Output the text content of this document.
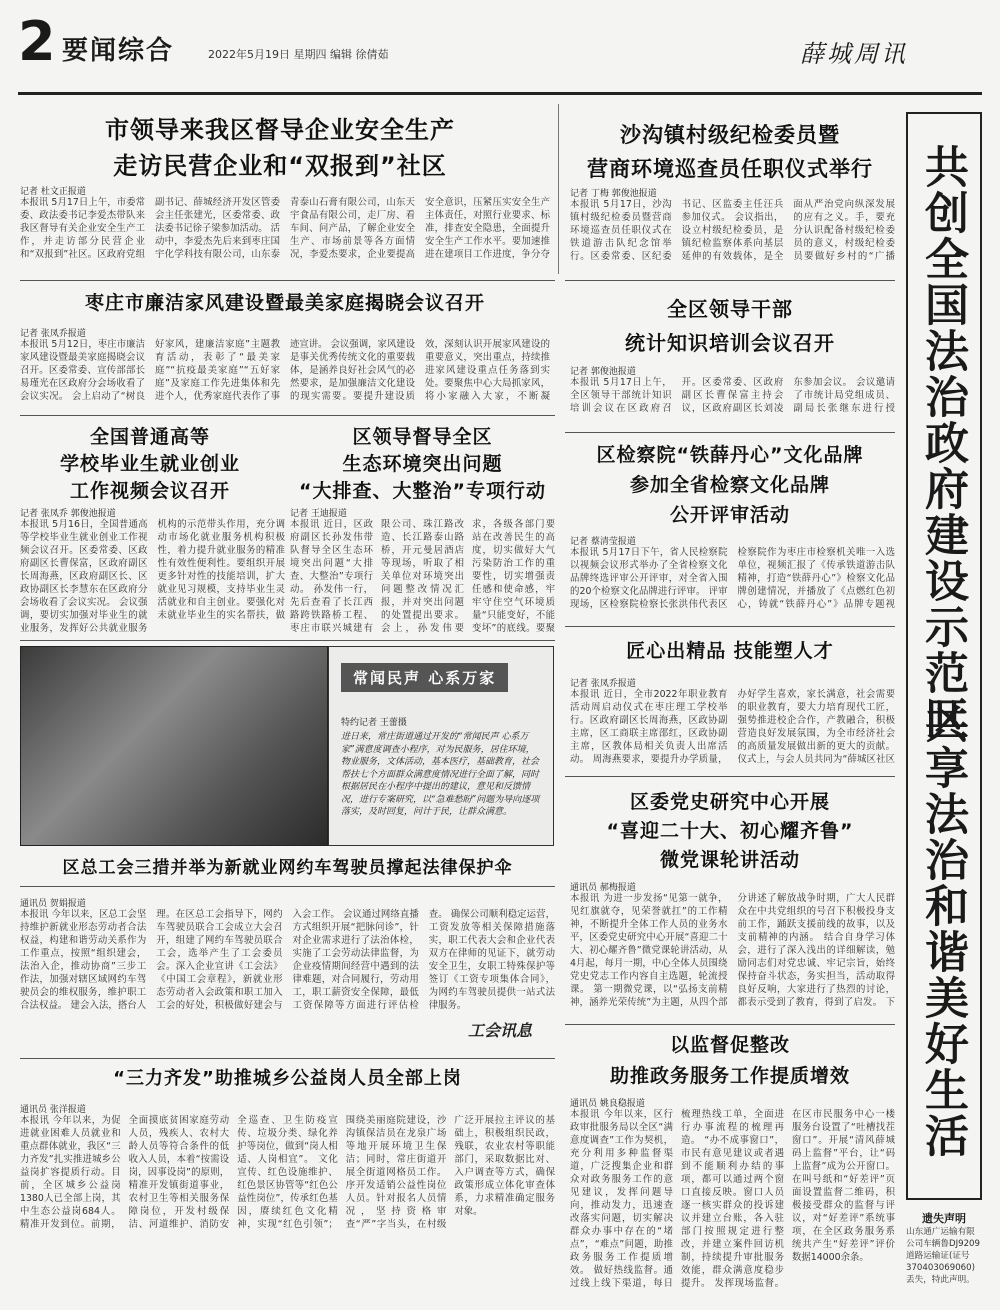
2 要闻综合	2022年5月19日 星期四 编辑 徐倩茹	薛城周讯
市领导来我区督导企业安全生产
走访民营企业和“双报到”社区
记者 杜文正报道
本报讯 5月17日上午，市委常委、政法委书记李爱杰带队来我区督导有关企业安全生产工作，并走访部分民营企业和“双报到”社区。区政府党组副书记、薛城经济开发区管委会主任张建光，区委常委、政法委书记徐子梁参加活动。 活动中，李爱杰先后来到枣庄国宇化学科技有限公司，山东泰青泰山石膏有限公司，山东天宇食品有限公司，走厂房、看车间、问产品，了解企业安全生产、市场前景等各方面情况，李爱杰要求，企业要提高安全意识，压紧压实安全生产主体责任，对照行业要求、标准，排查安全隐患，全面提升安全生产工作水平。要加速推进在建项目工作进度，争分夺
沙沟镇村级纪检委员暨
营商环境巡查员任职仪式举行
记者 丁梅 郭俊池报道
本报讯 5月17日，沙沟镇村级纪检委员暨营商环境巡查员任职仪式在铁道游击队纪念馆举行。区委常委、区纪委书记、区监委主任汪兵参加仪式。 会议指出，设立村级纪检委员，是镇纪检监察体系向基层延伸的有效载体，是全面从严治党向纵深发展的应有之义。手，要充分认识配备村级纪检委员的意义，村级纪检委员要做好乡村的“广播
枣庄市廉洁家风建设暨最美家庭揭晓会议召开
记者 张凤乔报道
本报讯 5月12日，枣庄市廉洁家风建设暨最美家庭揭晓会议召开。区委常委、宣传部部长易瑾光在区政府分会场收看了会议实况。 会上启动了“树良好家风，建廉洁家庭”主题教育活动，表彰了“最美家庭”“抗疫最美家庭”“五好家庭”及家庭工作先进集体和先进个人，优秀家庭代表作了事迹宣讲。 会议强调，家风建设是事关优秀传统文化的重要载体，是涵养良好社会风气的必然要求，是加强廉洁文化建设的现实需要。要提升建设质效，深刻认识开展家风建设的重要意义，突出重点，持续推进家风建设重点任务落到实处。要聚焦中心大局抓家风，将小家融入大家，不断凝
全区领导干部
统计知识培训会议召开
记者 郭俊池报道
本报讯 5月17日上午，全区领导干部统计知识培训会议在区政府召开。区委常委、区政府副区长曹保富主持会议，区政府副区长刘凌东参加会议。 会议邀请了市统计局党组成员、副局长张继东进行授
全国普通高等
学校毕业生就业创业
工作视频会议召开
记者 张凤乔 郭俊池报道
本报讯 5月16日，全国普通高等学校毕业生就业创业工作视频会议召开。区委常委、区政府副区长曹保富，区政府副区长周海燕，区政府副区长、区政协副区长李慧东在区政府分会场收看了会议实况。 会议强调，要切实加强对毕业生的就业服务，发挥好公共就业服务机构的示范带头作用，充分调动市场化就业服务机构积极性，着力提升就业服务的精准性有效性便利性。要组织开展更多针对性的技能培训，扩大就业见习规模，支持毕业生灵活就业和自主创业。要强化对未就业毕业生的实名帮扶，做
区领导督导全区
生态环境突出问题
“大排查、大整治”专项行动
记者 王迪报道
本报讯 近日，区政府副区长孙发伟带队督导全区生态环境突出问题“大排查、大整治”专项行动。 孙发伟一行，先后查看了长江西路跨铁路桥工程、枣庄市联兴城建有限公司、珠江路改造、长江路泰山路桥，开元曼居酒店等现场，听取了相关单位对环境突出问题整改情况汇报，并对突出问题的处置提出要求。 会上，孙发伟要求，各级各部门要站在改善民生的高度，切实做好大气污染防治工作的重要性，切实增强责任感和使命感，牢牢守住空气环境质量“只能变好，不能变坏”的底线。要聚
区检察院“铁薛丹心”文化品牌
参加全省检察文化品牌
公开评审活动
记者 蔡清莹报道
本报讯 5月17日下午，省人民检察院以视频会议形式举办了全省检察文化品牌终选评审公开评审，对全省入围的20个检察文化品牌进行评审。 评审现场，区检察院检察长张洪伟代表区检察院作为枣庄市检察机关唯一入选单位，视频汇报了《传承铁道游击队精神，打造“铁薛丹心”》检察文化品牌创建情况，并播放了《点燃红色初心，铸就“铁薛丹心”》品牌专题视
常闻民声 心系万家
特约记者 王蕾摄
进日来，常庄街道通过开发的“常闻民声 心系万家”满意度调查小程序，对为民服务，居住环境，物业服务，文体活动，基本医疗，基础教育，社会帮扶七个方面群众满意度情况进行全面了解，同时根据居民在小程序中提出的建议，意见和反馈情况，进行专案研究，以“急难愁盼”问题为导向逐项落实，及时回复，问计于民，让群众满意。
匠心出精品 技能塑人才
记者 张凤乔报道
本报讯 近日，全市2022年职业教育活动周启动仪式在枣庄理工学校举行。区政府副区长周海燕，区政协副主席，区工商联主席邵红，区政协副主席，区教体局相关负责人出席活动。 周海燕要求，要提升办学质量，办好学生喜欢，家长满意，社会需要的职业教育，要大力培育现代工匠，强势推进校企合作，产教融合，积极营造良好发展氛围，为全市经济社会的高质量发展做出新的更大的贡献。 仪式上，与会人员共同为“薛城区社区
区委党史研究中心开展
“喜迎二十大、初心耀齐鲁”
微党课轮讲活动
通讯员 郝梅报道
本报讯 为进一步发扬“见第一就争，见红旗就夺，见荣誉就扛”的工作精神，不断提升全体工作人员的业务水平，区委党史研究中心开展“喜迎二十大、初心耀齐鲁”微党课轮讲活动，从4月起，每月一期，中心全体人员围绕党史党志工作内容自主选题，轮流授课。 第一期微党课，以“弘扬支前精神，涵养光荣传统”为主题，从四个部分讲述了解放战争时期，广大人民群众在中共党组织的号召下积极投身支前工作，踊跃支援前线的故事，以及支前精神的内涵。 结合自身学习体会，进行了深入浅出的详细解读，勉励同志们对党忠诚、牢记宗旨，始终保持奋斗状态，务实担当，活动取得良好反响，大家进行了热烈的讨论，都表示受到了教育，得到了启发。 下
区总工会三措并举为新就业网约车驾驶员撑起法律保护伞
通讯员 贺娟报道
本报讯 今年以来，区总工会坚持维护新就业形态劳动者合法权益，构建和谐劳动关系作为工作重点，按照“组织建会，法治入企，推动协商”三步工作法，加强对辖区域网约车驾驶员会的维权服务，维护职工合法权益。 建会入法，搭台人理。在区总工会指导下，网约车驾驶员联合工会成立大会召开，组建了网约车驾驶员联合工会，选举产生了工会委员会。深入企业宣讲《工会法》《中国工会章程》，新就业形态劳动者入会政策和职工加入工会的好处，积极做好建会与入会工作。 会议通过网络直播方式组织开展“把脉问诊”，针对企业需求进行了法治体检，实施了工会劳动法律监督，为企业疫情期间经营中遇到的法律难题，对合同履行，劳动用工，职工薪资安全保障，最低工资保障等方面进行评估检查。 确保公司顺利稳定运营，工资发放等相关保障措施落实，职工代表大会和企业代表双方在律师的见证下，就劳动安全卫生，女职工特殊保护等签订《工资专项集体合同》，为网约车驾驶员提供一站式法律服务。
工会讯息
以监督促整改
助推政务服务工作提质增效
通讯员 姚良稳报道
本报讯 今年以来，区行政审批服务局以全区“满意度调查”工作为契机，充分利用多种监督渠道，广泛搜集企业和群众对政务服务工作的意见建议，发挥问题导向，推动发力，迅速查改落实问题，切实解决群众办事中存在的“堵点”，“难点”问题，助推政务服务工作提质增效。 做好热线监督。通过线上线下渠道，每日梳理热线工单，全面进行办事流程的梳理再造。 “办不成事窗口”，市民有意见建议或者遇到不能顺利办结的事项，都可以通过两个窗口直接反映。窗口人员逐一核实群众的投诉建议并建立台账，各入驻部门按照规定进行整改，并建立案件回访机制，持续提升审批服务效能，群众满意度稳步提升。 发挥现场监督。在区市民服务中心一楼服务台设置了“吐槽找茬窗口”。开展“清风薛城码上监督”平台，让“码上监督”成为公开窗口。在叫号纸和“好差评”页面设置监督二维码，积极接受群众的监督与评议，对“好差评”系统事项，在全区政务服务系统共产生“好差评”评价数据14000余条。
“三力齐发”助推城乡公益岗人员全部上岗
通讯员 张洋报道
本报讯 今年以来，为促进就业困难人员就业和重点群体就业，我区“三力齐发”扎实推进城乡公益岗扩容提质行动。目前，全区城乡公益岗1380人已全部上岗，其中生态公益岗684人。 精准开发到位。前期，全面摸底贫困家庭劳动人员，残疾人、农村大龄人员等符合条件的低收入人员，本着“按需设岗，因事设岗”的原则，精准开发镇街道事业，农村卫生等相关服务保障岗位，开发村级保洁、河道维护、消防安全巡查、卫生防疫宣传、垃圾分类、绿化养护等岗位，做到“岗人相适、人岗相宜”。 文化宣传、红色设施维护、红色景区协管等“红色公益性岗位”，传承红色基因，赓续红色文化精神，实现“红色引领”；围绕美丽庭院建设，沙沟镇保洁员在龙泉广场等地开展环境卫生保洁；同时，常庄街道开展全街道网格员工作。 序开发适销公益性岗位人员。针对报名人员情况，坚持资格审查“严”字当头，在村级广泛开展拉主评议的基础上，积极组织民政，残联，农业农村等职能部门，采取数据比对、入户调查等方式，确保政策形成立体化审查体系，力求精准确定服务对象。
共创全国法治政府建设示范区
共享法治和谐美好生活
遗失声明
山东通广运输有限公司车辆鲁DJ9209道路运输证(证号370403069060)丢失，特此声明。
